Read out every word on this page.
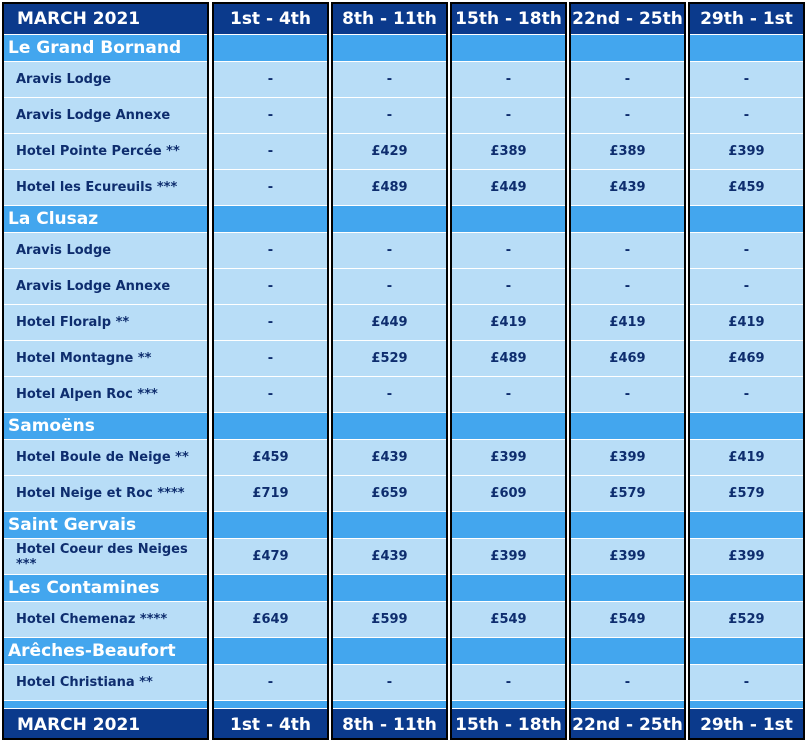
MARCH 2021
Le Grand Bornand
Aravis Lodge
Aravis Lodge Annexe
Hotel Pointe Percée **
Hotel les Ecureuils ***
La Clusaz
Aravis Lodge
Aravis Lodge Annexe
Hotel Floralp **
Hotel Montagne **
Hotel Alpen Roc ***
Samoëns
Hotel Boule de Neige **
Hotel Neige et Roc ****
Saint Gervais
Hotel Coeur des Neiges ***
Les Contamines
Hotel Chemenaz ****
Arêches-Beaufort
Hotel Christiana **
MARCH 2021
1st - 4th
-
-
-
-
-
-
-
-
-
£459
£719
£479
£649
-
1st - 4th
8th - 11th
-
-
£429
£489
-
-
£449
£529
-
£439
£659
£439
£599
-
8th - 11th
15th - 18th
-
-
£389
£449
-
-
£419
£489
-
£399
£609
£399
£549
-
15th - 18th
22nd - 25th
-
-
£389
£439
-
-
£419
£469
-
£399
£579
£399
£549
-
22nd - 25th
29th - 1st
-
-
£399
£459
-
-
£419
£469
-
£419
£579
£399
£529
-
29th - 1st
